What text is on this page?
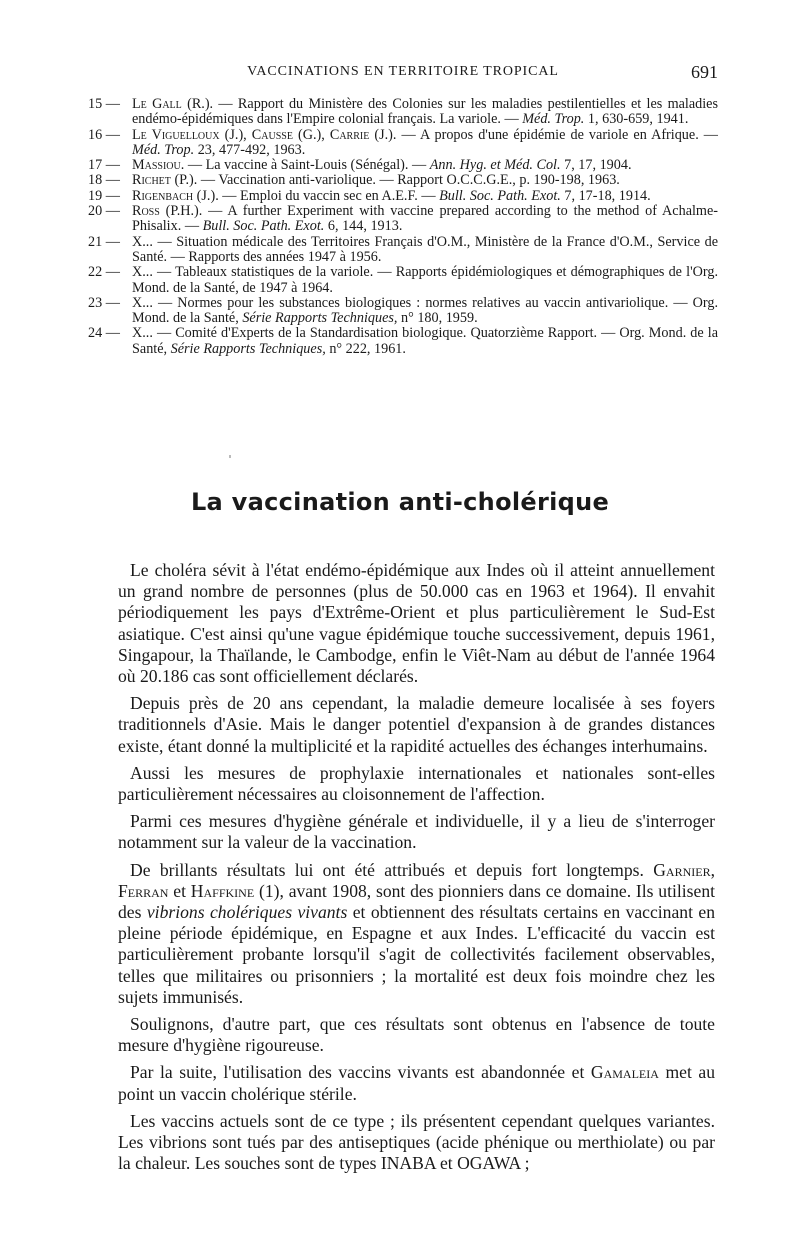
VACCINATIONS EN TERRITOIRE TROPICAL	691
15 — Le Gall (R.). — Rapport du Ministère des Colonies sur les maladies pestilentielles et les maladies endémo-épidémiques dans l'Empire colonial français. La variole. — Méd. Trop. 1, 630-659, 1941.
16 — Le Viguelloux (J.), Causse (G.), Carrie (J.). — A propos d'une épidémie de variole en Afrique. — Méd. Trop. 23, 477-492, 1963.
17 — Massiou. — La vaccine à Saint-Louis (Sénégal). — Ann. Hyg. et Méd. Col. 7, 17, 1904.
18 — Richet (P.). — Vaccination anti-variolique. — Rapport O.C.C.G.E., p. 190-198, 1963.
19 — Rigenbach (J.). — Emploi du vaccin sec en A.E.F. — Bull. Soc. Path. Exot. 7, 17-18, 1914.
20 — Ross (P.H.). — A further Experiment with vaccine prepared according to the method of Achalme-Phisalix. — Bull. Soc. Path. Exot. 6, 144, 1913.
21 — X... — Situation médicale des Territoires Français d'O.M., Ministère de la France d'O.M., Service de Santé. — Rapports des années 1947 à 1956.
22 — X... — Tableaux statistiques de la variole. — Rapports épidémiologiques et démographiques de l'Org. Mond. de la Santé, de 1947 à 1964.
23 — X... — Normes pour les substances biologiques : normes relatives au vaccin antivariolique. — Org. Mond. de la Santé, Série Rapports Techniques, n° 180, 1959.
24 — X... — Comité d'Experts de la Standardisation biologique. Quatorzième Rapport. — Org. Mond. de la Santé, Série Rapports Techniques, n° 222, 1961.
La vaccination anti-cholérique

Le choléra sévit à l'état endémo-épidémique aux Indes où il atteint annuellement un grand nombre de personnes (plus de 50.000 cas en 1963 et 1964). Il envahit périodiquement les pays d'Extrême-Orient et plus particulièrement le Sud-Est asiatique. C'est ainsi qu'une vague épidémique touche successivement, depuis 1961, Singapour, la Thaïlande, le Cambodge, enfin le Viêt-Nam au début de l'année 1964 où 20.186 cas sont officiellement déclarés.

Depuis près de 20 ans cependant, la maladie demeure localisée à ses foyers traditionnels d'Asie. Mais le danger potentiel d'expansion à de grandes distances existe, étant donné la multiplicité et la rapidité actuelles des échanges interhumains.

Aussi les mesures de prophylaxie internationales et nationales sont-elles particulièrement nécessaires au cloisonnement de l'affection.

Parmi ces mesures d'hygiène générale et individuelle, il y a lieu de s'interroger notamment sur la valeur de la vaccination.

De brillants résultats lui ont été attribués et depuis fort longtemps. Garnier, Ferran et Haffkine (1), avant 1908, sont des pionniers dans ce domaine. Ils utilisent des vibrions cholériques vivants et obtiennent des résultats certains en vaccinant en pleine période épidémique, en Espagne et aux Indes. L'efficacité du vaccin est particulièrement probante lorsqu'il s'agit de collectivités facilement observables, telles que militaires ou prisonniers ; la mortalité est deux fois moindre chez les sujets immunisés.

Soulignons, d'autre part, que ces résultats sont obtenus en l'absence de toute mesure d'hygiène rigoureuse.

Par la suite, l'utilisation des vaccins vivants est abandonnée et Gamaleia met au point un vaccin cholérique stérile.

Les vaccins actuels sont de ce type ; ils présentent cependant quelques variantes. Les vibrions sont tués par des antiseptiques (acide phénique ou merthiolate) ou par la chaleur. Les souches sont de types INABA et OGAWA ;
